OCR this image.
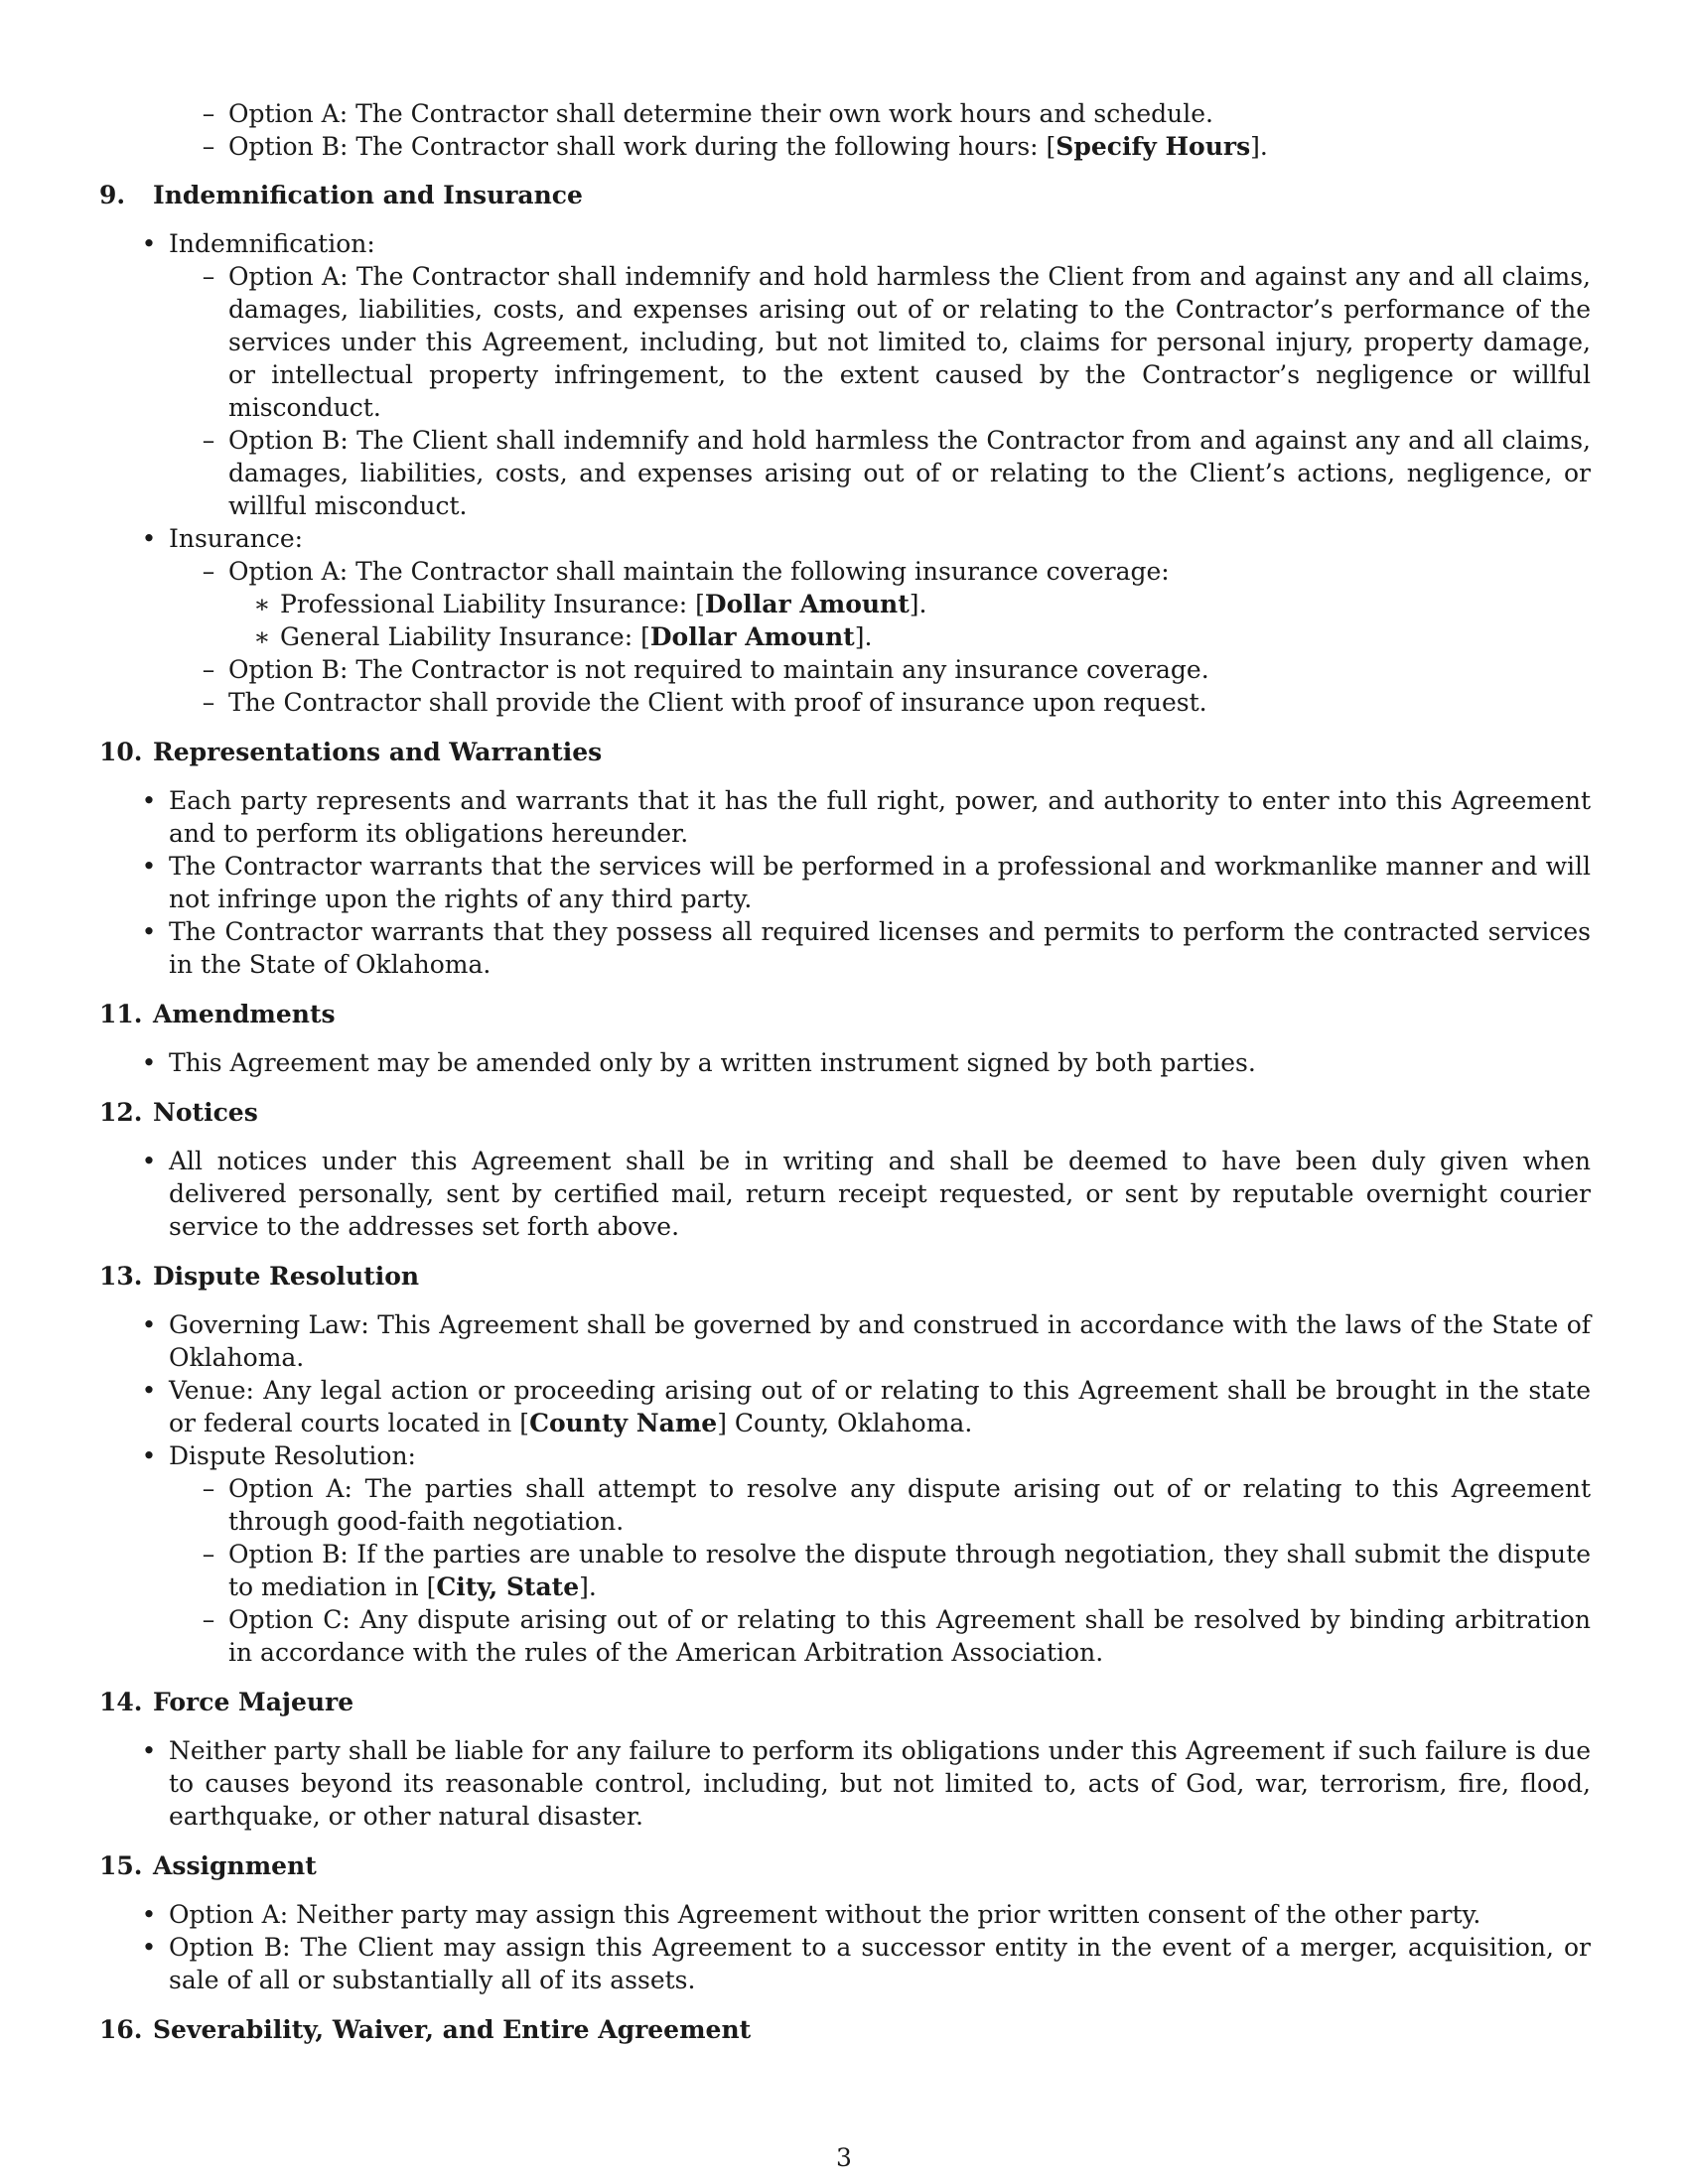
– Option A: The Contractor shall determine their own work hours and schedule.
– Option B: The Contractor shall work during the following hours: [Specify Hours].
9. Indemnification and Insurance
• Indemnification:
– Option A: The Contractor shall indemnify and hold harmless the Client from and against any and all claims, damages, liabilities, costs, and expenses arising out of or relating to the Contractor’s performance of the services under this Agreement, including, but not limited to, claims for personal injury, property damage, or intellectual property infringement, to the extent caused by the Contractor’s negligence or willful misconduct.
– Option B: The Client shall indemnify and hold harmless the Contractor from and against any and all claims, damages, liabilities, costs, and expenses arising out of or relating to the Client’s actions, negligence, or willful misconduct.
• Insurance:
– Option A: The Contractor shall maintain the following insurance coverage:
∗ Professional Liability Insurance: [Dollar Amount].
∗ General Liability Insurance: [Dollar Amount].
– Option B: The Contractor is not required to maintain any insurance coverage.
– The Contractor shall provide the Client with proof of insurance upon request.
10. Representations and Warranties
• Each party represents and warrants that it has the full right, power, and authority to enter into this Agreement and to perform its obligations hereunder.
• The Contractor warrants that the services will be performed in a professional and workmanlike manner and will not infringe upon the rights of any third party.
• The Contractor warrants that they possess all required licenses and permits to perform the contracted services in the State of Oklahoma.
11. Amendments
• This Agreement may be amended only by a written instrument signed by both parties.
12. Notices
• All notices under this Agreement shall be in writing and shall be deemed to have been duly given when delivered personally, sent by certified mail, return receipt requested, or sent by reputable overnight courier service to the addresses set forth above.
13. Dispute Resolution
• Governing Law: This Agreement shall be governed by and construed in accordance with the laws of the State of Oklahoma.
• Venue: Any legal action or proceeding arising out of or relating to this Agreement shall be brought in the state or federal courts located in [County Name] County, Oklahoma.
• Dispute Resolution:
– Option A: The parties shall attempt to resolve any dispute arising out of or relating to this Agreement through good-faith negotiation.
– Option B: If the parties are unable to resolve the dispute through negotiation, they shall submit the dispute to mediation in [City, State].
– Option C: Any dispute arising out of or relating to this Agreement shall be resolved by binding arbitration in accordance with the rules of the American Arbitration Association.
14. Force Majeure
• Neither party shall be liable for any failure to perform its obligations under this Agreement if such failure is due to causes beyond its reasonable control, including, but not limited to, acts of God, war, terrorism, fire, flood, earthquake, or other natural disaster.
15. Assignment
• Option A: Neither party may assign this Agreement without the prior written consent of the other party.
• Option B: The Client may assign this Agreement to a successor entity in the event of a merger, acquisition, or sale of all or substantially all of its assets.
16. Severability, Waiver, and Entire Agreement
3
